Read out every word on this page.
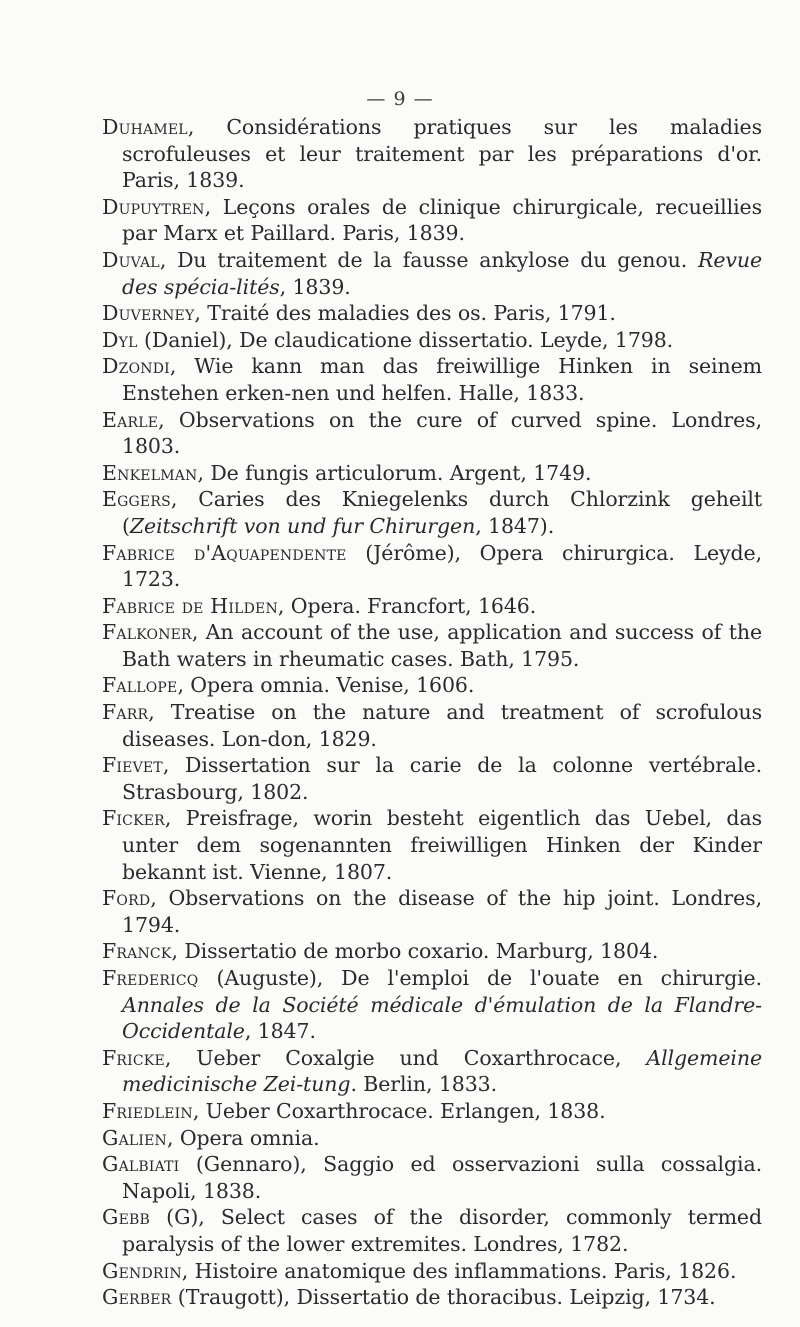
— 9 —
Duhamel, Considérations pratiques sur les maladies scrofuleuses et leur traitement par les préparations d'or. Paris, 1839.
Dupuytren, Leçons orales de clinique chirurgicale, recueillies par Marx et Paillard. Paris, 1839.
Duval, Du traitement de la fausse ankylose du genou. Revue des spécia-lités, 1839.
Duverney, Traité des maladies des os. Paris, 1791.
Dyl (Daniel), De claudicatione dissertatio. Leyde, 1798.
Dzondi, Wie kann man das freiwillige Hinken in seinem Enstehen erken-nen und helfen. Halle, 1833.
Earle, Observations on the cure of curved spine. Londres, 1803.
Enkelman, De fungis articulorum. Argent, 1749.
Eggers, Caries des Kniegelenks durch Chlorzink geheilt (Zeitschrift von und fur Chirurgen, 1847).
Fabrice d'Aquapendente (Jérôme), Opera chirurgica. Leyde, 1723.
Fabrice de Hilden, Opera. Francfort, 1646.
Falkoner, An account of the use, application and success of the Bath waters in rheumatic cases. Bath, 1795.
Fallope, Opera omnia. Venise, 1606.
Farr, Treatise on the nature and treatment of scrofulous diseases. Lon-don, 1829.
Fievet, Dissertation sur la carie de la colonne vertébrale. Strasbourg, 1802.
Ficker, Preisfrage, worin besteht eigentlich das Uebel, das unter dem sogenannten freiwilligen Hinken der Kinder bekannt ist. Vienne, 1807.
Ford, Observations on the disease of the hip joint. Londres, 1794.
Franck, Dissertatio de morbo coxario. Marburg, 1804.
Fredericq (Auguste), De l'emploi de l'ouate en chirurgie. Annales de la Société médicale d'émulation de la Flandre-Occidentale, 1847.
Fricke, Ueber Coxalgie und Coxarthrocace, Allgemeine medicinische Zei-tung. Berlin, 1833.
Friedlein, Ueber Coxarthrocace. Erlangen, 1838.
Galien, Opera omnia.
Galbiati (Gennaro), Saggio ed osservazioni sulla cossalgia. Napoli, 1838.
Gebb (G), Select cases of the disorder, commonly termed paralysis of the lower extremites. Londres, 1782.
Gendrin, Histoire anatomique des inflammations. Paris, 1826.
Gerber (Traugott), Dissertatio de thoracibus. Leipzig, 1734.
